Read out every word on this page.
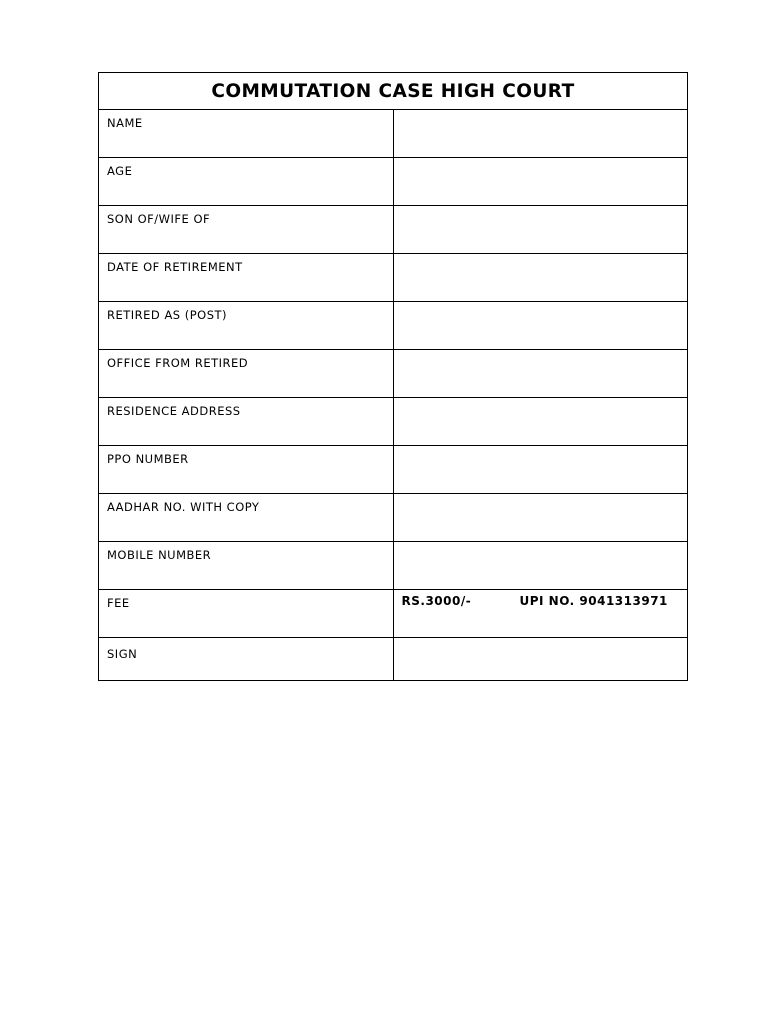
COMMUTATION CASE HIGH COURT	
NAME	
AGE	
SON OF/WIFE OF	
DATE OF RETIREMENT	
RETIRED AS (POST)	
OFFICE FROM RETIRED	
RESIDENCE ADDRESS	
PPO NUMBER	
AADHAR NO. WITH COPY	
MOBILE NUMBER	
FEE	RS.3000/- UPI NO. 9041313971
SIGN	
